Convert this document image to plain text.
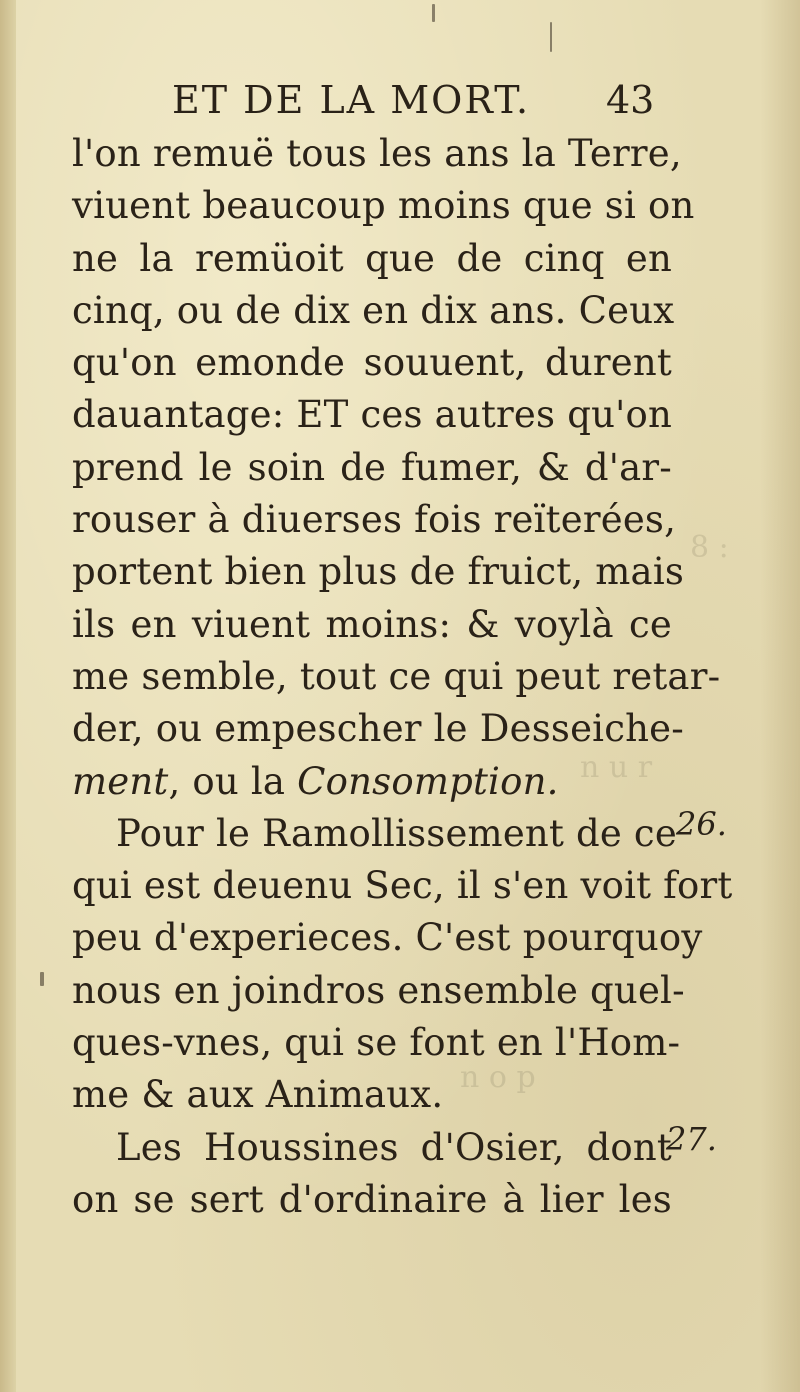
8 :
n u r
n o p
ET DE LA MORT.	43
l'on remuë tous les ans la Terre,
viuent beaucoup moins que si on
ne la remüoit que de cinq en
cinq, ou de dix en dix ans. Ceux
qu'on emonde souuent, durent
dauantage: ET ces autres qu'on
prend le soin de fumer, & d'ar-
rouser à diuerses fois reïterées,
portent bien plus de fruict, mais
ils en viuent moins: & voylà ce
me semble, tout ce qui peut retar-
der, ou empescher le Desseiche-
ment, ou la Consomption.
Pour le Ramollissement de ce
qui est deuenu Sec, il s'en voit fort
peu d'experieces. C'est pourquoy
nous en joindros ensemble quel-
ques-vnes, qui se font en l'Hom-
me & aux Animaux.
Les Houssines d'Osier, dont
on se sert d'ordinaire à lier les
26.
27.
